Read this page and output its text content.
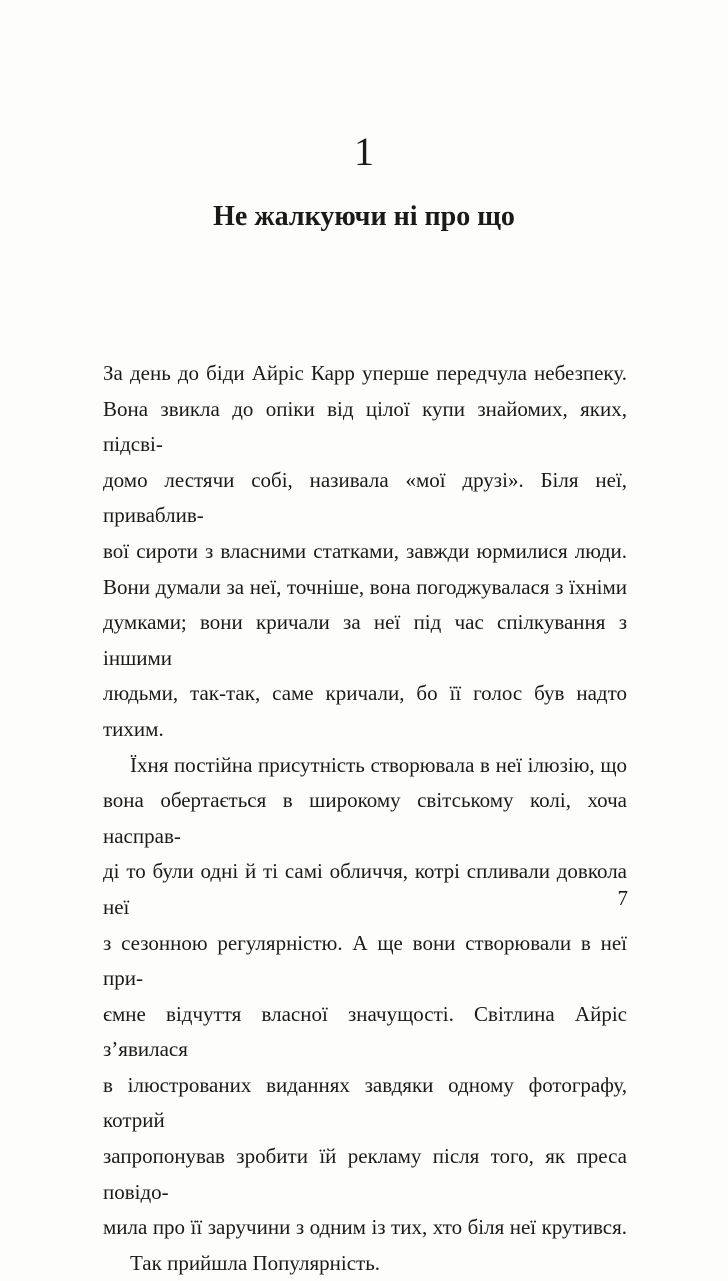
1
Не жалкуючи ні про що

За день до біди Айріс Карр уперше передчула небезпеку.

Вона звикла до опіки від цілої купи знайомих, яких, підсві-

домо лестячи собі, називала «мої друзі». Біля неї, приваблив-

вої сироти з власними статками, завжди юрмилися люди.

Вони думали за неї, точніше, вона погоджувалася з їхніми

думками; вони кричали за неї під час спілкування з іншими

людьми, так-так, саме кричали, бо її голос був надто тихим.

Їхня постійна присутність створювала в неї ілюзію, що

вона обертається в широкому світському колі, хоча насправ-

ді то були одні й ті самі обличчя, котрі спливали довкола неї

з сезонною регулярністю. А ще вони створювали в неї при-

ємне відчуття власної значущості. Світлина Айріс з’явилася

в ілюстрованих виданнях завдяки одному фотографу, котрий

запропонував зробити їй рекламу після того, як преса повідо-

мила про її заручини з одним із тих, хто біля неї крутився.

Так прийшла Популярність.

7
